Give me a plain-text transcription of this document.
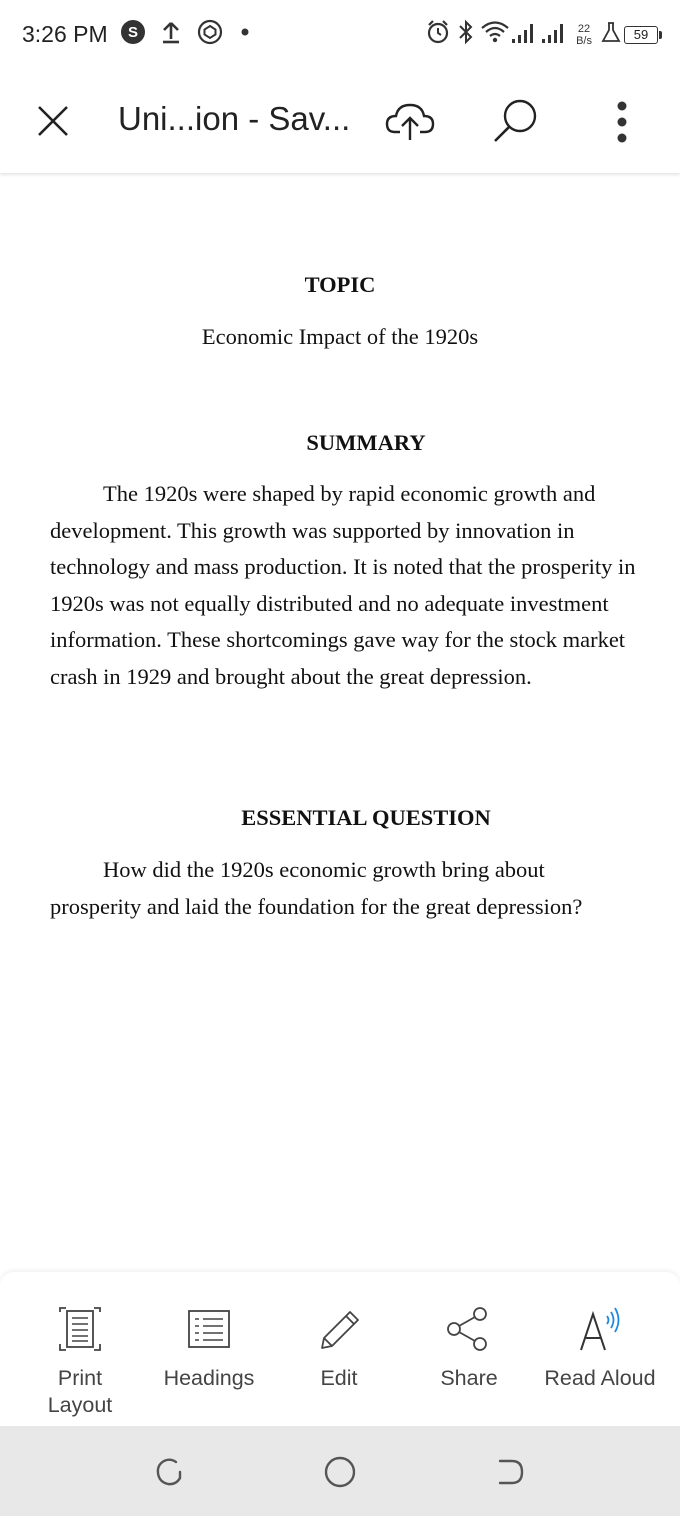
3:26 PM S	22
B/s	59
Uni...ion - Sav...
TOPIC
Economic Impact of the 1920s
SUMMARY
The 1920s were shaped by rapid economic growth and development. This growth was supported by innovation in technology and mass production. It is noted that the prosperity in 1920s was not equally distributed and no adequate investment information. These shortcomings gave way for the stock market crash in 1929 and brought about the great depression.
ESSENTIAL QUESTION
How did the 1920s economic growth bring about prosperity and laid the foundation for the great depression?
Print Layout
Headings	Edit	Share	Read Aloud
